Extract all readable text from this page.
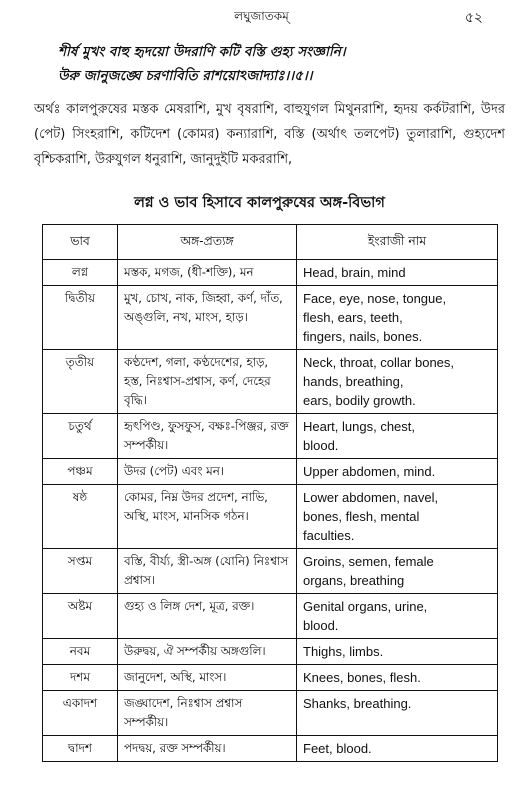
লঘুজাতকম্‌	৫২
শীর্ষ মুখং বাহু হৃদয়ো উদরাণি কটি বস্তি গুহ্য সংজ্ঞানি।
উরু জানুজঙ্ঘে চরণাবিতি রাশয়োঽজাদ্যাঃ।।৫।।
অর্থঃ কালপুরুষের মস্তক মেষরাশি, মুখ বৃষরাশি, বাহুযুগল মিথুনরাশি, হৃদয় কর্কটরাশি, উদর (পেট) সিংহরাশি, কটিদেশ (কোমর) কন্যারাশি, বস্তি (অর্থাৎ তলপেট) তুলারাশি, গুহ্যদেশ বৃশ্চিকরাশি, উরুযুগল ধনুরাশি, জানুদুইটি মকররাশি,
লগ্ন ও ভাব হিসাবে কালপুরুষের অঙ্গ-বিভাগ
ভাব	অঙ্গ-প্রত্যঙ্গ	ইংরাজী নাম
লগ্ন	মস্তক, মগজ, (ধী-শক্তি), মন	Head, brain, mind
দ্বিতীয়	মুখ, চোখ, নাক, জিহ্বা, কর্ণ, দাঁত, অঙ্গুলি, নখ, মাংস, হাড়।	Face, eye, nose, tongue,
flesh, ears, teeth,
fingers, nails, bones.
তৃতীয়	কণ্ঠদেশ, গলা, কণ্ঠদেশের, হাড়, হস্ত, নিঃশ্বাস-প্রশ্বাস, কর্ণ, দেহের বৃদ্ধি।	Neck, throat, collar bones,
hands, breathing,
ears, bodily growth.
চতুর্থ	হৃৎপিণ্ড, ফুসফুস, বক্ষঃ-পিঞ্জর, রক্ত সম্পর্কীয়।	Heart, lungs, chest,
blood.
পঞ্চম	উদর (পেট) এবং মন।	Upper abdomen, mind.
ষষ্ঠ	কোমর, নিম্ন উদর প্রদেশ, নাভি, অস্থি, মাংস, মানসিক গঠন।	Lower abdomen, navel,
bones, flesh, mental
faculties.
সপ্তম	বস্তি, বীর্য্য, স্ত্রী-অঙ্গ (যোনি) নিঃশ্বাস প্রশ্বাস।	Groins, semen, female
organs, breathing
অষ্টম	গুহ্য ও লিঙ্গ দেশ, মূত্র, রক্ত।	Genital organs, urine,
blood.
নবম	উরুদ্বয়, ঐ সম্পর্কীয় অঙ্গগুলি।	Thighs, limbs.
দশম	জানুদেশ, অস্থি, মাংস।	Knees, bones, flesh.
একাদশ	জঙ্ঘাদেশ, নিঃশ্বাস প্রশ্বাস সম্পর্কীয়।	Shanks, breathing.
দ্বাদশ	পদদ্বয়, রক্ত সম্পর্কীয়।	Feet, blood.
